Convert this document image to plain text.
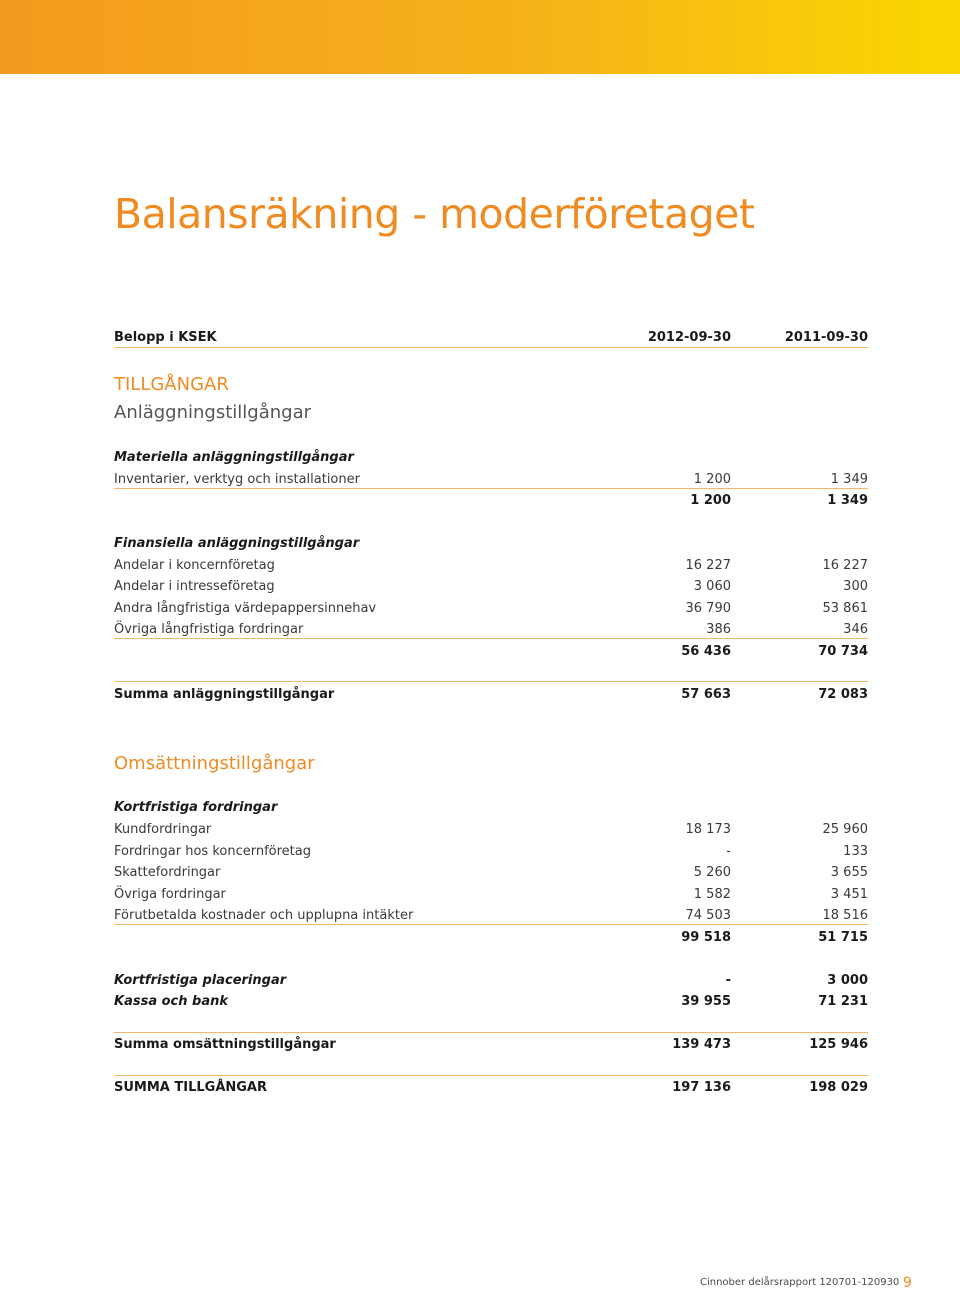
Balansräkning - moderföretaget
Belopp i KSEK	2012-09-30	2011-09-30
TILLGÅNGAR
Anläggningstillgångar
Materiella anläggningstillgångar
Inventarier, verktyg och installationer	1 200	1 349
1 200	1 349
Finansiella anläggningstillgångar
Andelar i koncernföretag	16 227	16 227
Andelar i intresseföretag	3 060	300
Andra långfristiga värdepappersinnehav	36 790	53 861
Övriga långfristiga fordringar	386	346
56 436	70 734
Summa anläggningstillgångar	57 663	72 083
Omsättningstillgångar
Kortfristiga fordringar
Kundfordringar	18 173	25 960
Fordringar hos koncernföretag	-	133
Skattefordringar	5 260	3 655
Övriga fordringar	1 582	3 451
Förutbetalda kostnader och upplupna intäkter	74 503	18 516
99 518	51 715
Kortfristiga placeringar	-	3 000
Kassa och bank	39 955	71 231
Summa omsättningstillgångar	139 473	125 946
SUMMA TILLGÅNGAR	197 136	198 029
Cinnober delårsrapport 120701-120930 9
